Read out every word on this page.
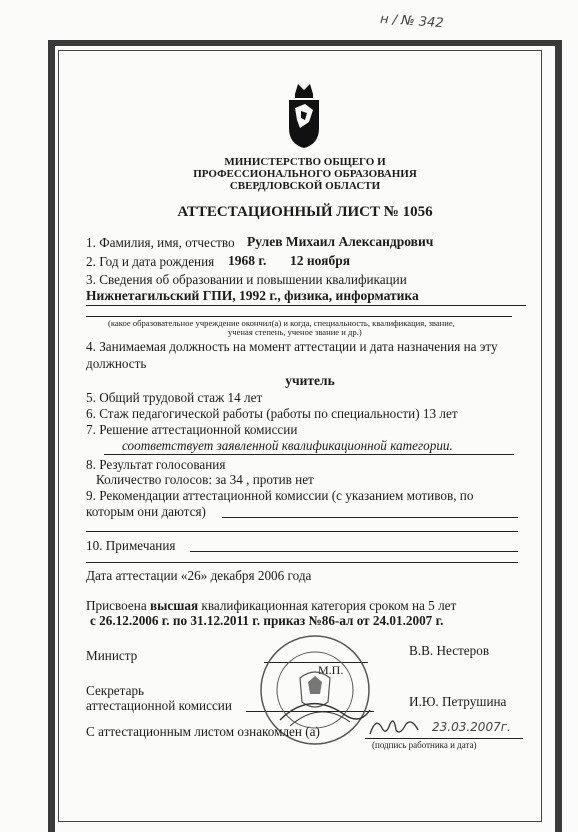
н / № 342
МИНИСТЕРСТВО ОБЩЕГО И
ПРОФЕССИОНАЛЬНОГО ОБРАЗОВАНИЯ
СВЕРДЛОВСКОЙ ОБЛАСТИ
АТТЕСТАЦИОННЫЙ ЛИСТ № 1056
1. Фамилия, имя, отчество Рулев Михаил Александрович
2. Год и дата рождения 1968 г. 12 ноября
3. Сведения об образовании и повышении квалификации
Нижнетагильский ГПИ, 1992 г., физика, информатика
(какое образовательное учреждение окончил(а) и когда, специальность, квалификация, звание,
ученая степень, ученое звание и др.)
4. Занимаемая должность на момент аттестации и дата назначения на эту
должность
учитель
5. Общий трудовой стаж 14 лет
6. Стаж педагогической работы (работы по специальности) 13 лет
7. Решение аттестационной комиссии
соответствует заявленной квалификационной категории.
8. Результат голосования
Количество голосов: за 34 , против нет
9. Рекомендации аттестационной комиссии (с указанием мотивов, по
которым они даются)
10. Примечания
Дата аттестации «26» декабря 2006 года
Присвоена высшая квалификационная категория сроком на 5 лет
с 26.12.2006 г. по 31.12.2011 г. приказ №86-ал от 24.01.2007 г.
Министр	В.В. Нестеров
М.П.
Секретарь
аттестационной комиссии	И.Ю. Петрушина
С аттестационным листом ознакомлен (а)
(подпись работника и дата)
23.03.2007г.
